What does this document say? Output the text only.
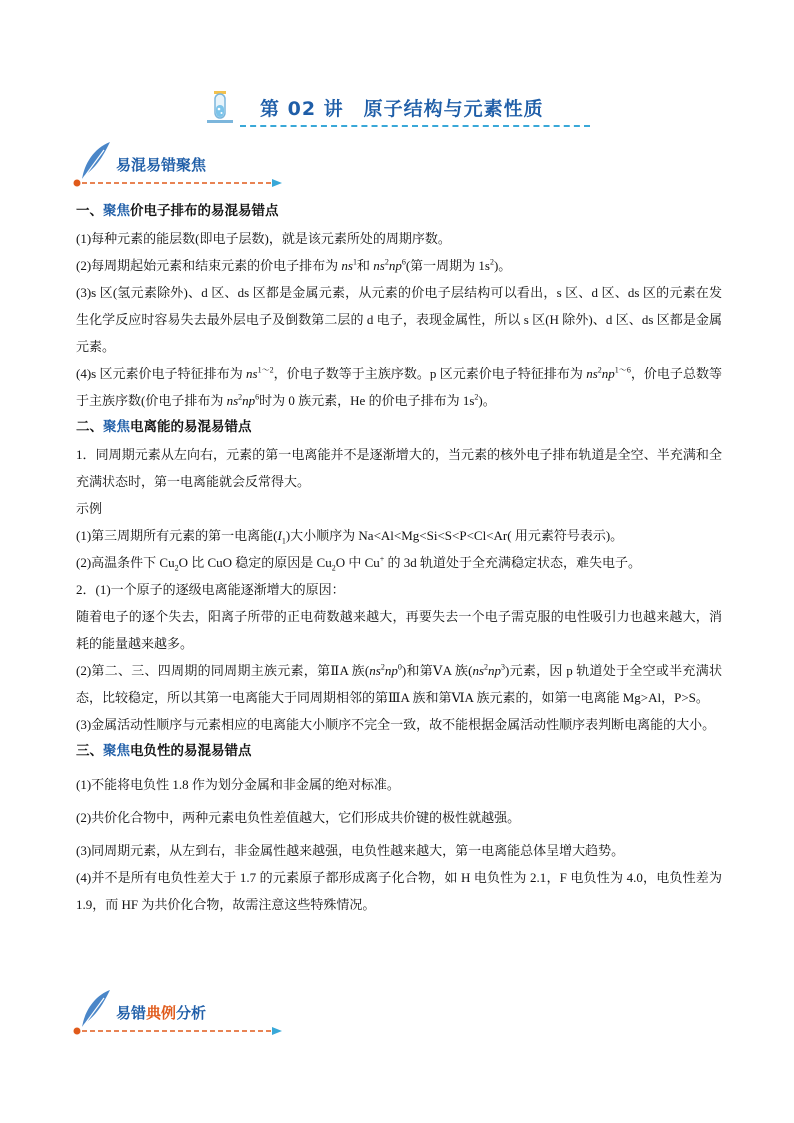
第 02 讲　原子结构与元素性质
易混易错聚焦

一、聚焦价电子排布的易混易错点

(1)每种元素的能层数(即电子层数)，就是该元素所处的周期序数。

(2)每周期起始元素和结束元素的价电子排布为 $ns^1$和 $ns^2np^6$(第一周期为 $1s^2$)。

(3)s 区(氢元素除外)、d 区、ds 区都是金属元素，从元素的价电子层结构可以看出，s 区、d 区、ds 区的元素在发生化学反应时容易失去最外层电子及倒数第二层的 d 电子，表现金属性，所以 s 区(H 除外)、d 区、ds 区都是金属元素。

(4)s 区元素价电子特征排布为 $ns^{1\sim 2}$，价电子数等于主族序数。p 区元素价电子特征排布为 $ns^2np^{1\sim 6}$，价电子总数等于主族序数(价电子排布为 $ns^2np^6$时为 0 族元素，He 的价电子排布为 $1s^2$)。

二、聚焦电离能的易混易错点

1．同周期元素从左向右，元素的第一电离能并不是逐渐增大的，当元素的核外电子排布轨道是全空、半充满和全充满状态时，第一电离能就会反常得大。

示例

(1)第三周期所有元素的第一电离能$(I_1)$大小顺序为 Na<Al<Mg<Si<S<P<Cl<Ar( 用元素符号表示)。

(2)高温条件下 $Cu_2O$ 比 CuO 稳定的原因是 $Cu_2O$ 中 Cu+ 的 3d 轨道处于全充满稳定状态，难失电子。

2．(1)一个原子的逐级电离能逐渐增大的原因：

随着电子的逐个失去，阳离子所带的正电荷数越来越大，再要失去一个电子需克服的电性吸引力也越来越大，消耗的能量越来越多。

(2)第二、三、四周期的同周期主族元素，第ⅡA 族$(ns^2np^0)$和第ⅤA 族$(ns^2np^3)$元素，因 p 轨道处于全空或半充满状态，比较稳定，所以其第一电离能大于同周期相邻的第ⅢA 族和第ⅥA 族元素的，如第一电离能 Mg>Al，P>S。

(3)金属活动性顺序与元素相应的电离能大小顺序不完全一致，故不能根据金属活动性顺序表判断电离能的大小。

三、聚焦电负性的易混易错点

(1)不能将电负性 1.8 作为划分金属和非金属的绝对标准。

(2)共价化合物中，两种元素电负性差值越大，它们形成共价键的极性就越强。

(3)同周期元素，从左到右，非金属性越来越强，电负性越来越大，第一电离能总体呈增大趋势。

(4)并不是所有电负性差大于 1.7 的元素原子都形成离子化合物，如 H 电负性为 2.1，F 电负性为 4.0，电负性差为 1.9，而 HF 为共价化合物，故需注意这些特殊情况。

易错典例分析
